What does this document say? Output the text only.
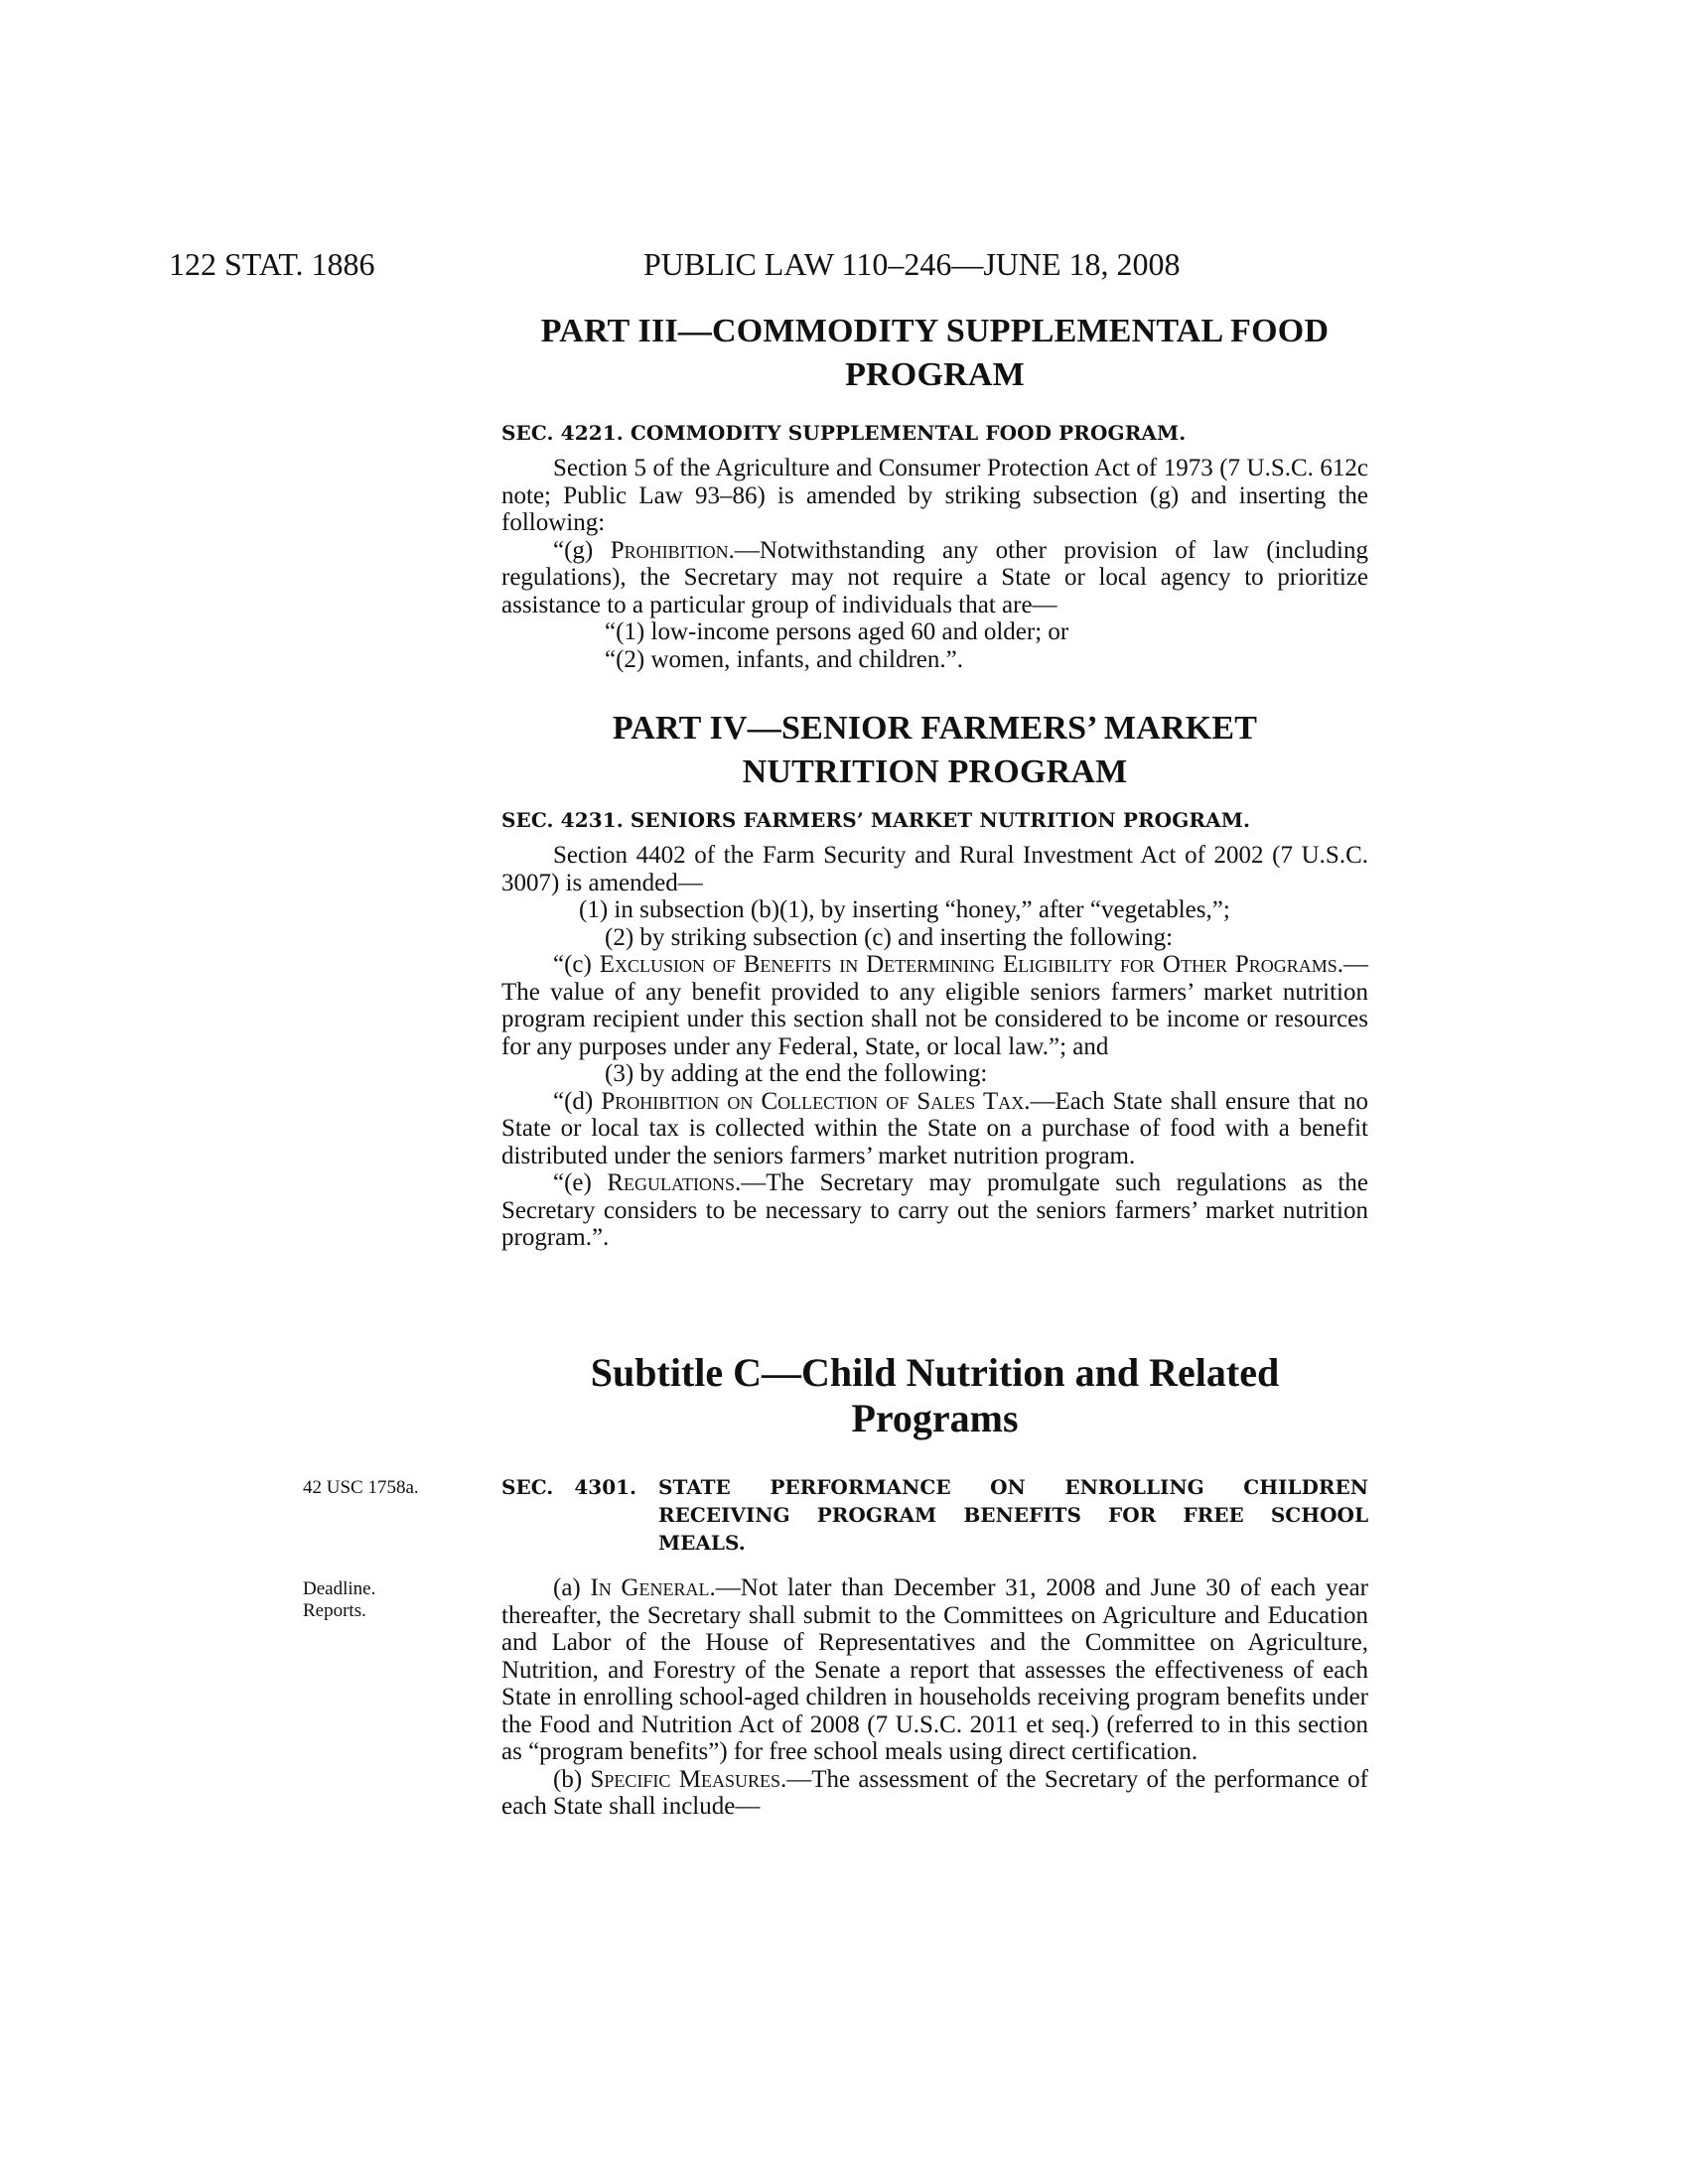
122 STAT. 1886	PUBLIC LAW 110–246—JUNE 18, 2008
PART III—COMMODITY SUPPLEMENTAL FOOD
PROGRAM
SEC. 4221. COMMODITY SUPPLEMENTAL FOOD PROGRAM.

Section 5 of the Agriculture and Consumer Protection Act of 1973 (7 U.S.C. 612c note; Public Law 93–86) is amended by striking subsection (g) and inserting the following:

“(g) Prohibition.—Notwithstanding any other provision of law (including regulations), the Secretary may not require a State or local agency to prioritize assistance to a particular group of individuals that are—

“(1) low-income persons aged 60 and older; or

“(2) women, infants, and children.”.

PART IV—SENIOR FARMERS’ MARKET
NUTRITION PROGRAM
SEC. 4231. SENIORS FARMERS’ MARKET NUTRITION PROGRAM.

Section 4402 of the Farm Security and Rural Investment Act of 2002 (7 U.S.C. 3007) is amended—

(1) in subsection (b)(1), by inserting “honey,” after “vegetables,”;

(2) by striking subsection (c) and inserting the following:

“(c) Exclusion of Benefits in Determining Eligibility for Other Programs.—The value of any benefit provided to any eligible seniors farmers’ market nutrition program recipient under this section shall not be considered to be income or resources for any purposes under any Federal, State, or local law.”; and

(3) by adding at the end the following:

“(d) Prohibition on Collection of Sales Tax.—Each State shall ensure that no State or local tax is collected within the State on a purchase of food with a benefit distributed under the seniors farmers’ market nutrition program.

“(e) Regulations.—The Secretary may promulgate such regulations as the Secretary considers to be necessary to carry out the seniors farmers’ market nutrition program.”.

Subtitle C—Child Nutrition and Related
Programs
42 USC 1758a.	SEC. 4301. STATE PERFORMANCE ON ENROLLING CHILDREN RECEIVING PROGRAM BENEFITS FOR FREE SCHOOL MEALS.
Deadline.
Reports.

(a) In General.—Not later than December 31, 2008 and June 30 of each year thereafter, the Secretary shall submit to the Committees on Agriculture and Education and Labor of the House of Representatives and the Committee on Agriculture, Nutrition, and Forestry of the Senate a report that assesses the effectiveness of each State in enrolling school-aged children in households receiving program benefits under the Food and Nutrition Act of 2008 (7 U.S.C. 2011 et seq.) (referred to in this section as “program benefits”) for free school meals using direct certification.

(b) Specific Measures.—The assessment of the Secretary of the performance of each State shall include—
